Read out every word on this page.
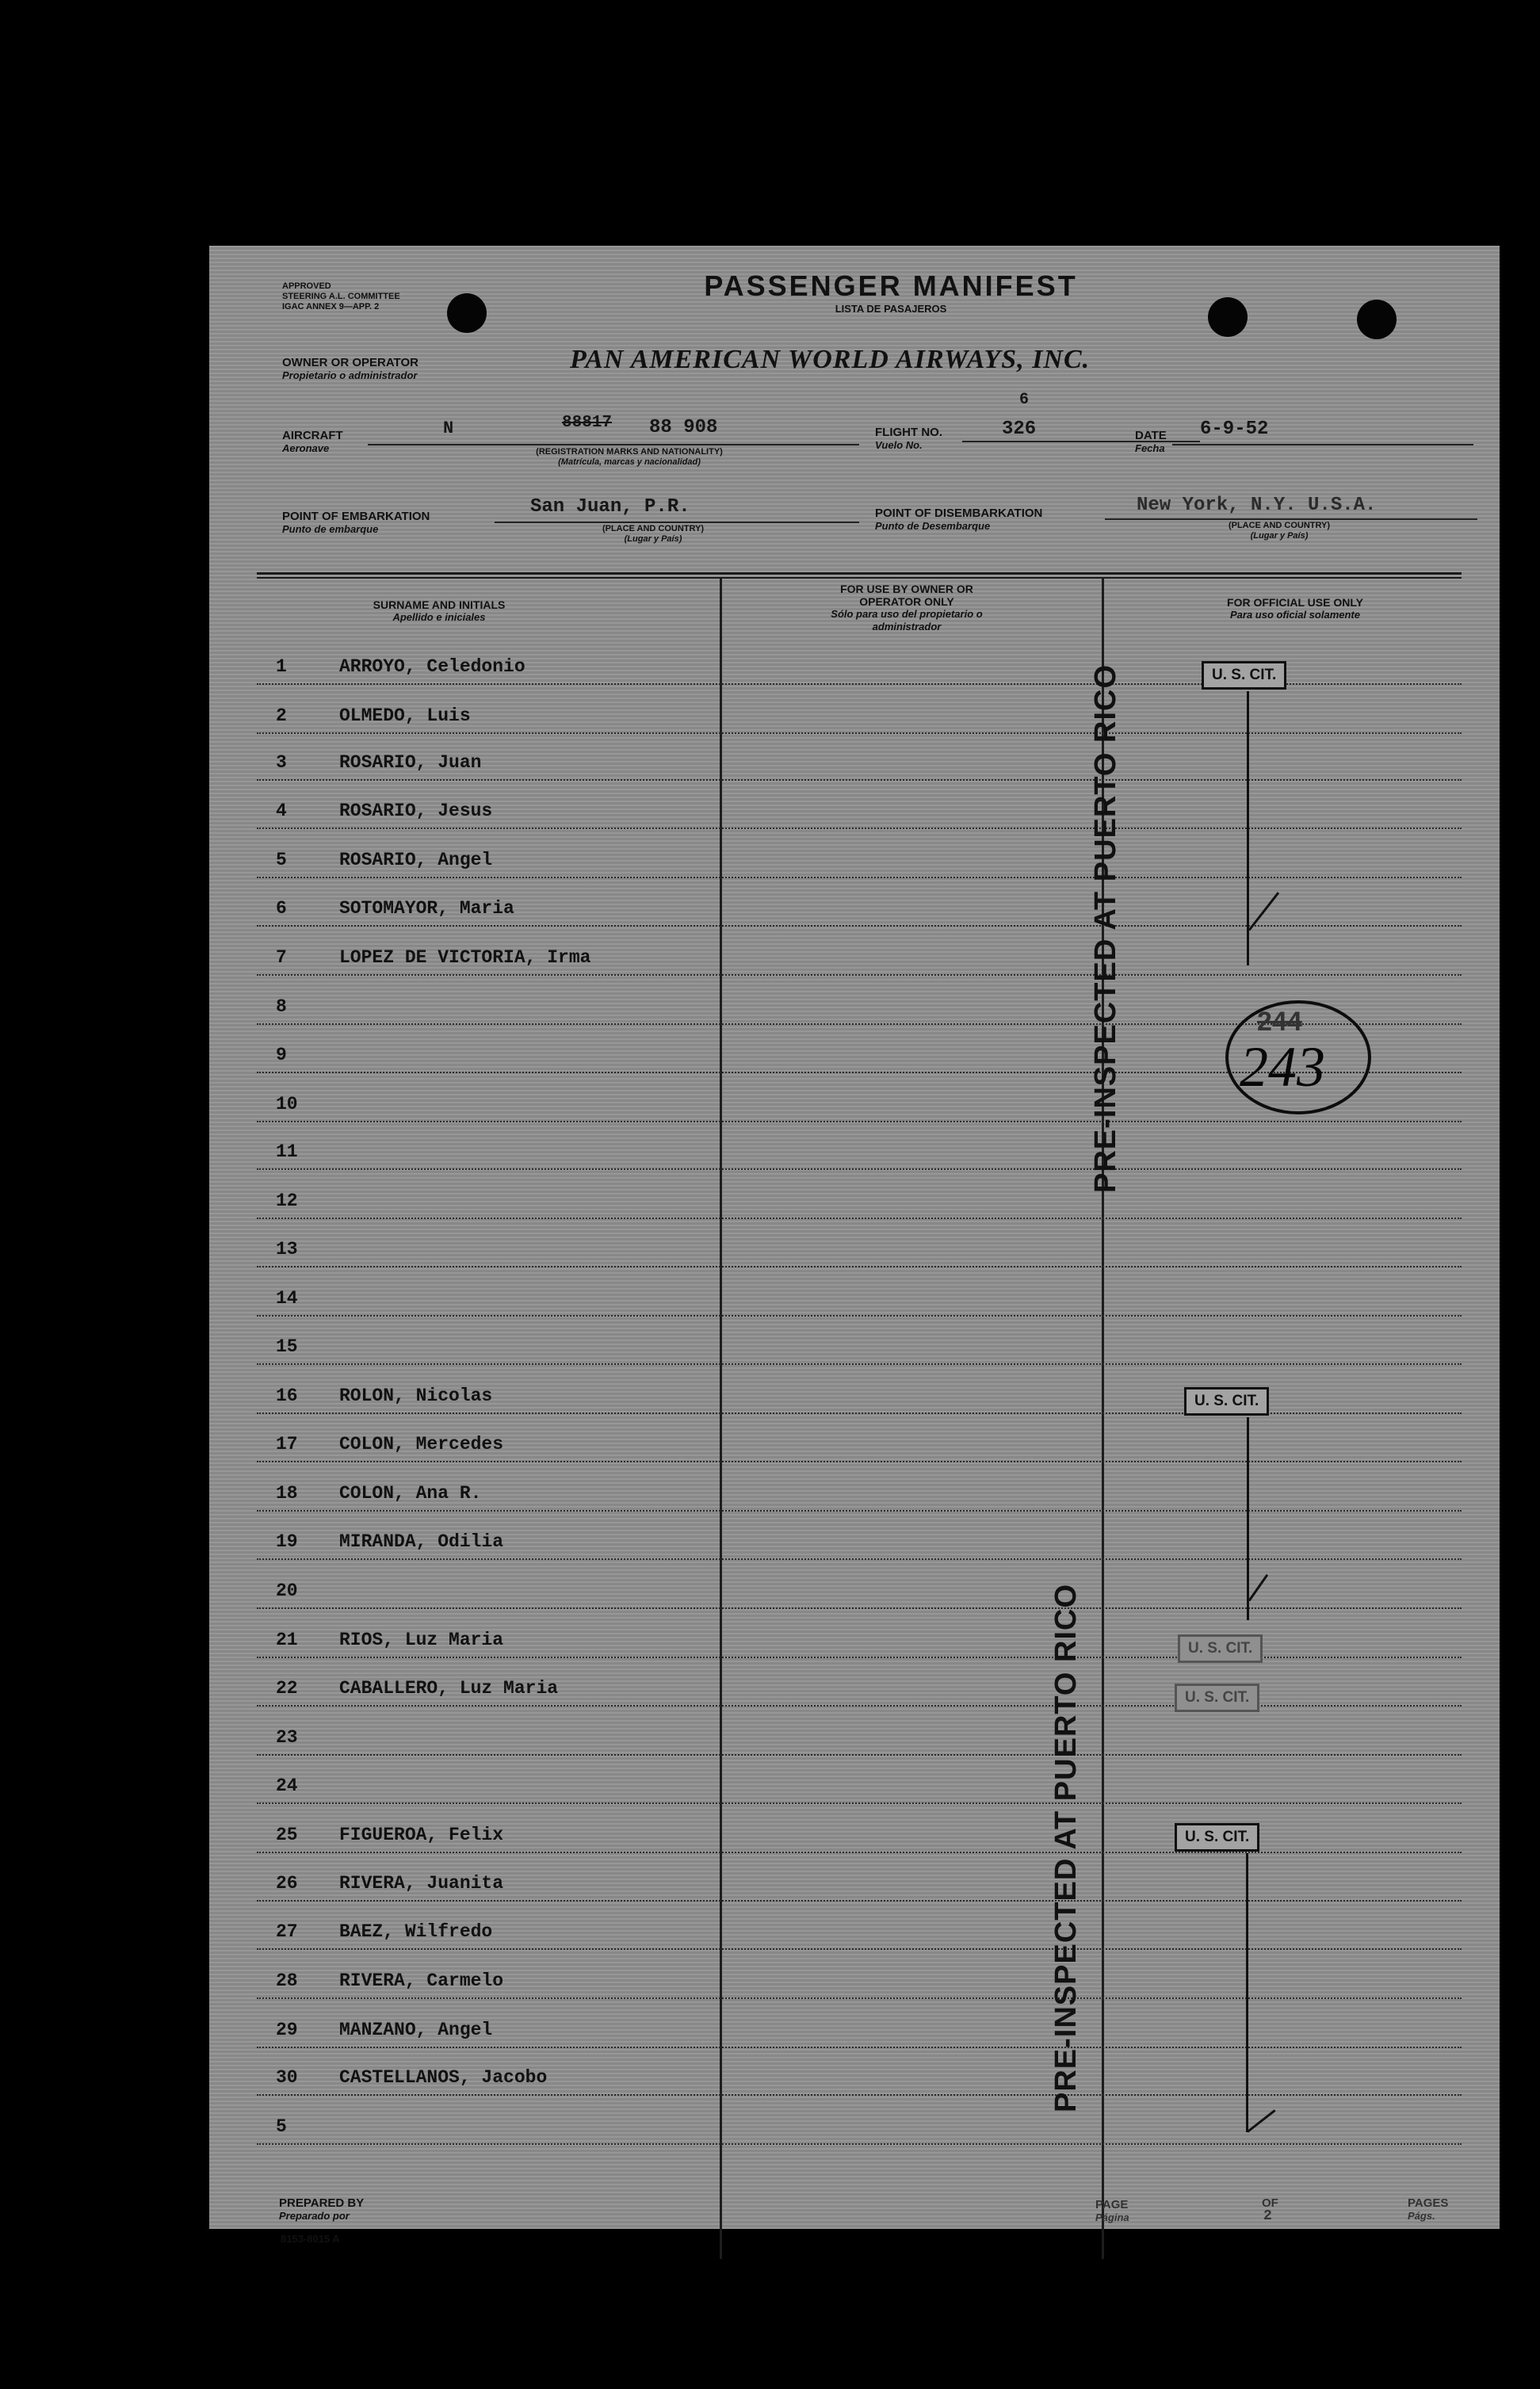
APPROVED
STEERING A.L. COMMITTEE
IGAC ANNEX 9—APP. 2
PASSENGER MANIFEST
LISTA DE PASAJEROS
OWNER OR OPERATOR
Propietario o administrador
PAN AMERICAN WORLD AIRWAYS, INC.
AIRCRAFT
Aeronave
N	88817 88 908
(REGISTRATION MARKS AND NATIONALITY)
(Matrícula, marcas y nacionalidad)
FLIGHT NO.
Vuelo No.
6
326	DATE
Fecha
6-9-52
POINT OF EMBARKATION
Punto de embarque
San Juan, P.R.
(PLACE AND COUNTRY)
(Lugar y País)
POINT OF DISEMBARKATION
Punto de Desembarque
New York, N.Y. U.S.A.
(PLACE AND COUNTRY)
(Lugar y País)
SURNAME AND INITIALS
Apellido e iniciales
FOR USE BY OWNER OR OPERATOR ONLY
Sólo para uso del propietario o administrador
FOR OFFICIAL USE ONLY
Para uso oficial solamente
1	ARROYO, Celedonio
2	OLMEDO, Luis
3	ROSARIO, Juan
4	ROSARIO, Jesus
5	ROSARIO, Angel
6	SOTOMAYOR, Maria
7	LOPEZ DE VICTORIA, Irma
8
9
10
11
12
13
14
15
16 ROLON, Nicolas
17 COLON, Mercedes
18 COLON, Ana R.
19 MIRANDA, Odilia
20
21 RIOS, Luz Maria
22 CABALLERO, Luz Maria
23
24
25 FIGUEROA, Felix
26 RIVERA, Juanita
27 BAEZ, Wilfredo
28 RIVERA, Carmelo
29 MANZANO, Angel
30 CASTELLANOS, Jacobo
5
U. S. CIT.
244
243
U. S. CIT.
U. S. CIT.
U. S. CIT.
U. S. CIT.
PRE-INSPECTED AT PUERTO RICO
PRE-INSPECTED AT PUERTO RICO
PREPARED BY
Preparado por
8153-8015 A
PAGE
Página
OF
2
PAGES
Págs.
